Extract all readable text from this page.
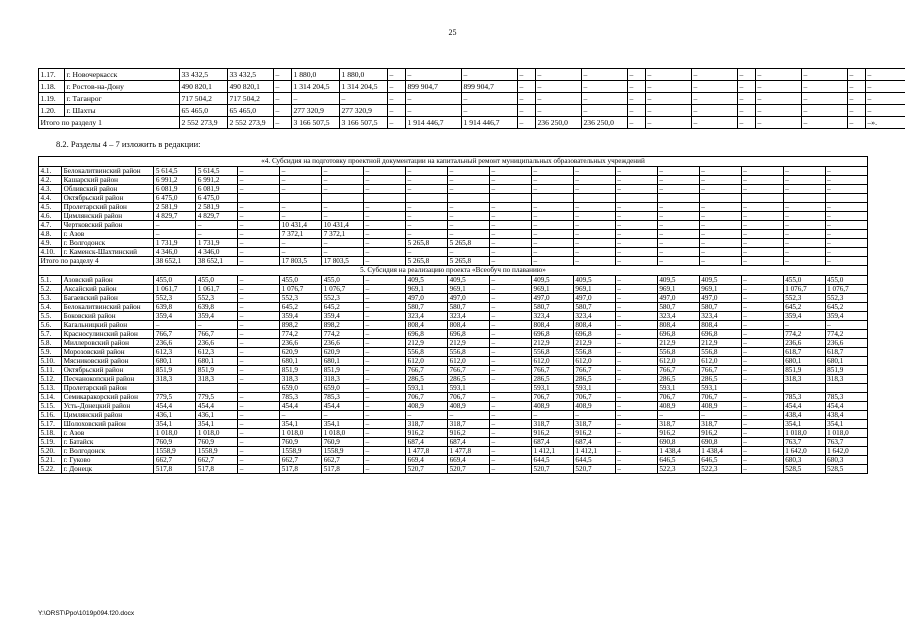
25
1.17.	г. Новочеркасск	33 432,5	33 432,5	–	1 880,0	1 880,0	–	–	–	–	–	–	–	–	–	–	–	–	–	–
1.18.	г. Ростов-на-Дону	490 820,1	490 820,1	–	1 314 204,5	1 314 204,5	–	899 904,7	899 904,7	–	–	–	–	–	–	–	–	–	–	–
1.19.	г. Таганрог	717 504,2	717 504,2	–	–	–	–	–	–	–	–	–	–	–	–	–	–	–	–	–
1.20.	г. Шахты	65 465,0	65 465,0	–	277 320,9	277 320,9	–	–	–	–	–	–	–	–	–	–	–	–	–	–
Итого по разделу 1		2 552 273,9	2 552 273,9	–	3 166 507,5	3 166 507,5	–	1 914 446,7	1 914 446,7	–	236 250,0	236 250,0	–	–	–	–	–	–	–	–».
8.2. Разделы 4 – 7 изложить в редакции:
«4. Субсидия на подготовку проектной документации на капитальный ремонт муниципальных образовательных учреждений																		
4.1.	Белокалитвинский район	5 614,5	5 614,5	–	–	–	–	–	–	–	–	–	–	–	–	–	–	–
4.2.	Кашарский район	6 991,2	6 991,2	–	–	–	–	–	–	–	–	–	–	–	–	–	–	–
4.3.	Обливский район	6 081,9	6 081,9	–	–	–	–	–	–	–	–	–	–	–	–	–	–	–
4.4.	Октябрьский район	6 475,0	6 475,0															
4.5.	Пролетарский район	2 581,9	2 581,9	–	–	–	–	–	–	–	–	–	–	–	–	–	–	–
4.6.	Цимлянский район	4 829,7	4 829,7	–	–	–	–	–	–	–	–	–	–	–	–	–	–	–
4.7.	Чертковский район	–	–	–	10 431,4	10 431,4	–	–	–	–	–	–	–	–	–	–	–	–
4.8.	г. Азов	–	–	–	7 372,1	7 372,1	–	–	–	–	–	–	–	–	–	–	–	–
4.9.	г. Волгодонск	1 731,9	1 731,9	–	–	–	–	5 265,8	5 265,8	–	–	–	–	–	–	–	–	–
4.10.	г. Каменск-Шахтинский	4 346,0	4 346,0	–	–	–	–	–	–	–	–	–	–	–	–	–	–	–
Итого по разделу 4		38 652,1	38 652,1	–	17 803,5	17 803,5	–	5 265,8	5 265,8	–	–	–	–	–	–	–	–	–
5. Субсидия на реализацию проекта «Всеобуч по плаванию»																		
5.1.	Азовский район	455,0	455,0	–	455,0	455,0	–	409,5	409,5	–	409,5	409,5	–	409,5	409,5	–	455,0	455,0
5.2.	Аксайский район	1 061,7	1 061,7	–	1 076,7	1 076,7	–	969,1	969,1	–	969,1	969,1	–	969,1	969,1	–	1 076,7	1 076,7
5.3.	Багаевский район	552,3	552,3	–	552,3	552,3	–	497,0	497,0	–	497,0	497,0	–	497,0	497,0	–	552,3	552,3
5.4.	Белокалитвинский район	639,8	639,8	–	645,2	645,2	–	580,7	580,7	–	580,7	580,7	–	580,7	580,7	–	645,2	645,2
5.5.	Боковский район	359,4	359,4	–	359,4	359,4	–	323,4	323,4	–	323,4	323,4	–	323,4	323,4	–	359,4	359,4
5.6.	Кагальницкий район	–	–	–	898,2	898,2	–	808,4	808,4	–	808,4	808,4	–	808,4	808,4	–	–	–
5.7.	Красносулинский район	766,7	766,7	–	774,2	774,2	–	696,8	696,8	–	696,8	696,8	–	696,8	696,8	–	774,2	774,2
5.8.	Миллеровский район	236,6	236,6	–	236,6	236,6	–	212,9	212,9	–	212,9	212,9	–	212,9	212,9	–	236,6	236,6
5.9.	Морозовский район	612,3	612,3	–	620,9	620,9	–	556,8	556,8	–	556,8	556,8	–	556,8	556,8	–	618,7	618,7
5.10.	Мясниковский район	680,1	680,1	–	680,1	680,1	–	612,0	612,0	–	612,0	612,0	–	612,0	612,0	–	680,1	680,1
5.11.	Октябрьский район	851,9	851,9	–	851,9	851,9	–	766,7	766,7	–	766,7	766,7	–	766,7	766,7	–	851,9	851,9
5.12.	Песчанокопский район	318,3	318,3	–	318,3	318,3	–	286,5	286,5	–	286,5	286,5	–	286,5	286,5	–	318,3	318,3
5.13.	Пролетарский район				659,0	659,0	–	593,1	593,1		593,1	593,1		593,1	593,1			
5.14.	Семикаракорский район	779,5	779,5	–	785,3	785,3	–	706,7	706,7	–	706,7	706,7	–	706,7	706,7	–	785,3	785,3
5.15.	Усть-Донецкий район	454,4	454,4	–	454,4	454,4	–	408,9	408,9	–	408,9	408,9	–	408,9	408,9	–	454,4	454,4
5.16.	Цимлянский район	436,1	436,1	–	–	–	–	–	–	–	–	–	–	–	–	–	438,4	438,4
5.17.	Шолоховский район	354,1	354,1	–	354,1	354,1	–	318,7	318,7	–	318,7	318,7	–	318,7	318,7	–	354,1	354,1
5.18.	г. Азов	1 018,0	1 018,0	–	1 018,0	1 018,0	–	916,2	916,2	–	916,2	916,2	–	916,2	916,2	–	1 018,0	1 018,0
5.19.	г. Батайск	760,9	760,9	–	760,9	760,9	–	687,4	687,4	–	687,4	687,4	–	690,8	690,8	–	763,7	763,7
5.20.	г. Волгодонск	1558,9	1558,9	–	1558,9	1558,9	–	1 477,8	1 477,8	–	1 412,1	1 412,1	–	1 438,4	1 438,4	–	1 642,0	1 642,0
5.21.	г. Гуково	662,7	662,7	–	662,7	662,7	–	669,4	669,4	–	644,5	644,5	–	646,5	646,5	–	680,3	680,3
5.22.	г. Донецк	517,8	517,8	–	517,8	517,8	–	520,7	520,7	–	520,7	520,7	–	522,3	522,3	–	528,5	528,5
Y:\ORST\Ppo\1019p094.f20.docx
